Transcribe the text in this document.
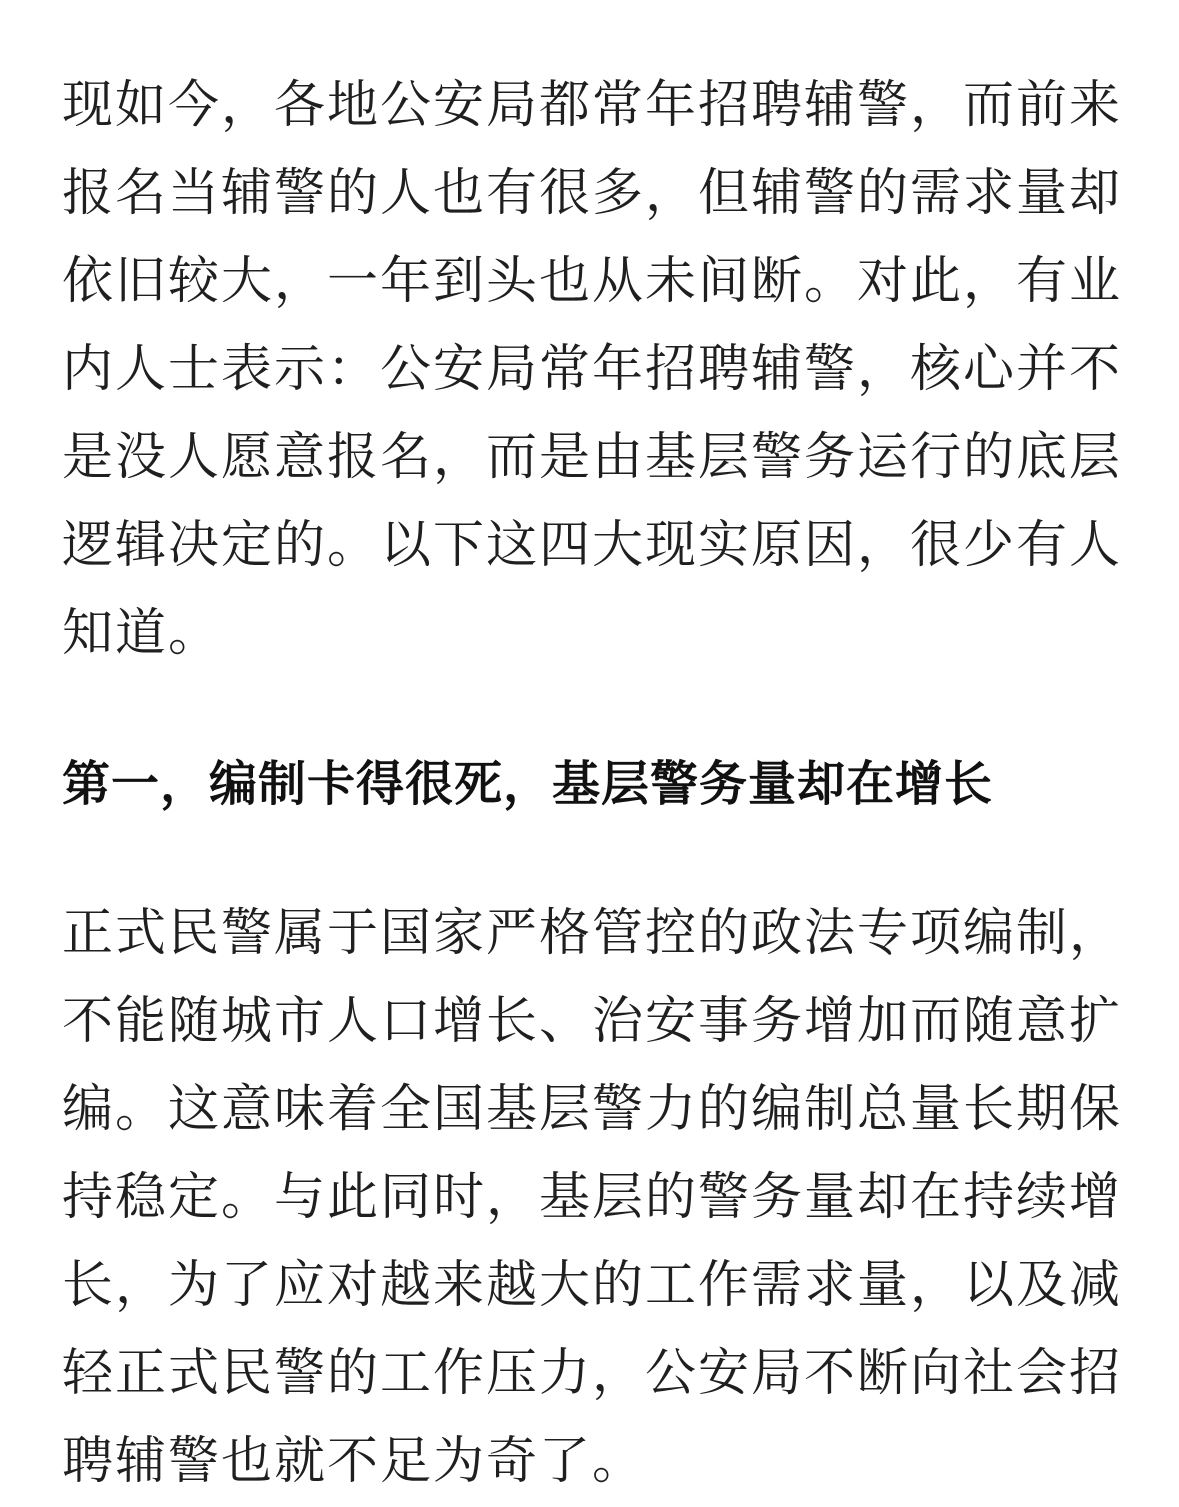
现如今，各地公安局都常年招聘辅警，而前来报名当辅警的人也有很多，但辅警的需求量却依旧较大，一年到头也从未间断。对此，有业内人士表示：公安局常年招聘辅警，核心并不是没人愿意报名，而是由基层警务运行的底层逻辑决定的。以下这四大现实原因，很少有人知道。

第一，编制卡得很死，基层警务量却在增长

正式民警属于国家严格管控的政法专项编制，不能随城市人口增长、治安事务增加而随意扩编。这意味着全国基层警力的编制总量长期保持稳定。与此同时，基层的警务量却在持续增长，为了应对越来越大的工作需求量，以及减轻正式民警的工作压力，公安局不断向社会招聘辅警也就不足为奇了。
